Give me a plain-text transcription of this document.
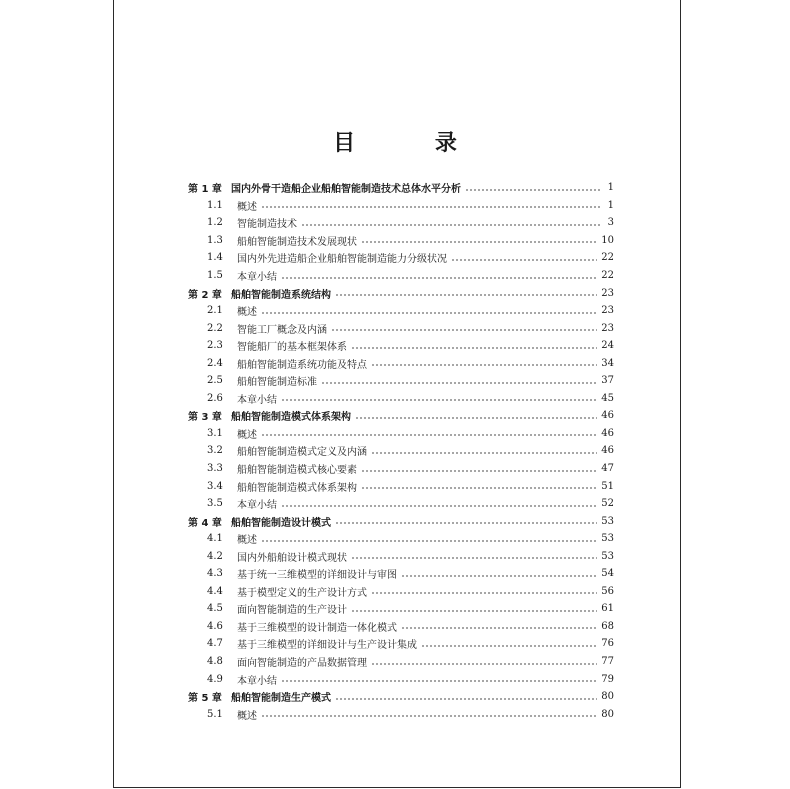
目 录
第 1 章 国内外骨干造船企业船舶智能制造技术总体水平分析	1
1.1	概述	1
1.2	智能制造技术	3
1.3	船舶智能制造技术发展现状	10
1.4	国内外先进造船企业船舶智能制造能力分级状况	22
1.5	本章小结	22
第 2 章 船舶智能制造系统结构	23
2.1	概述	23
2.2	智能工厂概念及内涵	23
2.3	智能船厂的基本框架体系	24
2.4	船舶智能制造系统功能及特点	34
2.5	船舶智能制造标准	37
2.6	本章小结	45
第 3 章 船舶智能制造模式体系架构	46
3.1	概述	46
3.2	船舶智能制造模式定义及内涵	46
3.3	船舶智能制造模式核心要素	47
3.4	船舶智能制造模式体系架构	51
3.5	本章小结	52
第 4 章 船舶智能制造设计模式	53
4.1	概述	53
4.2	国内外船舶设计模式现状	53
4.3	基于统一三维模型的详细设计与审图	54
4.4	基于模型定义的生产设计方式	56
4.5	面向智能制造的生产设计	61
4.6	基于三维模型的设计制造一体化模式	68
4.7	基于三维模型的详细设计与生产设计集成	76
4.8	面向智能制造的产品数据管理	77
4.9	本章小结	79
第 5 章 船舶智能制造生产模式	80
5.1	概述	80
